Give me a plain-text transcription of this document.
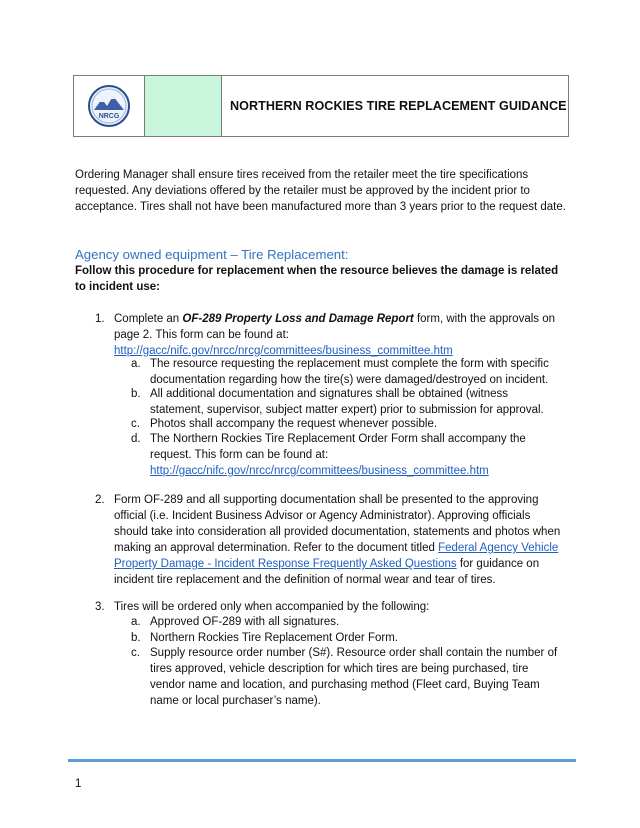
NRCG
NORTHERN ROCKIES TIRE REPLACEMENT GUIDANCE
Ordering Manager shall ensure tires received from the retailer meet the tire specifications requested. Any deviations offered by the retailer must be approved by the incident prior to acceptance. Tires shall not have been manufactured more than 3 years prior to the request date.
Agency owned equipment – Tire Replacement:
Follow this procedure for replacement when the resource believes the damage is related to incident use:
1. Complete an OF-289 Property Loss and Damage Report form, with the approvals on page 2. This form can be found at:
http://gacc/nifc.gov/nrcc/nrcg/committees/business_committee.htm
a. The resource requesting the replacement must complete the form with specific documentation regarding how the tire(s) were damaged/destroyed on incident.
b. All additional documentation and signatures shall be obtained (witness statement, supervisor, subject matter expert) prior to submission for approval.
c. Photos shall accompany the request whenever possible.
d. The Northern Rockies Tire Replacement Order Form shall accompany the request. This form can be found at:
http://gacc/nifc.gov/nrcc/nrcg/committees/business_committee.htm
2. Form OF-289 and all supporting documentation shall be presented to the approving official (i.e. Incident Business Advisor or Agency Administrator). Approving officials should take into consideration all provided documentation, statements and photos when making an approval determination. Refer to the document titled Federal Agency Vehicle Property Damage - Incident Response Frequently Asked Questions for guidance on incident tire replacement and the definition of normal wear and tear of tires.
3. Tires will be ordered only when accompanied by the following:
a. Approved OF-289 with all signatures.
b. Northern Rockies Tire Replacement Order Form.
c. Supply resource order number (S#). Resource order shall contain the number of tires approved, vehicle description for which tires are being purchased, tire vendor name and location, and purchasing method (Fleet card, Buying Team name or local purchaser’s name).
1
